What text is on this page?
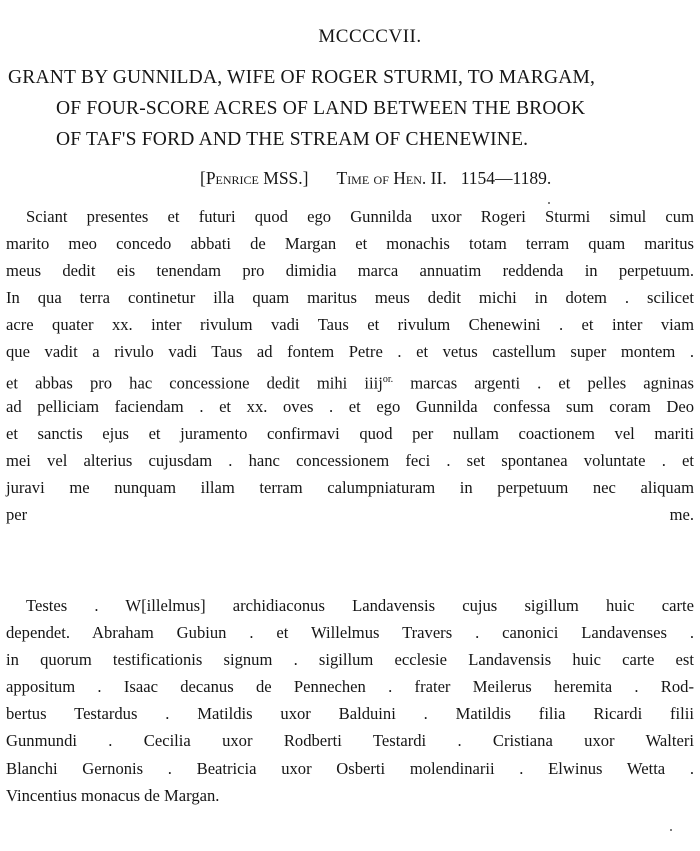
MCCCCVII.
GRANT BY GUNNILDA, WIFE OF ROGER STURMI, TO MARGAM,
OF FOUR-SCORE ACRES OF LAND BETWEEN THE BROOK
OF TAF'S FORD AND THE STREAM OF CHENEWINE.
[Penrice MSS.] Time of Hen. II. 1154—1189.
Sciant presentes et futuri quod ego Gunnilda uxor Rogeri Sturmi simul cum
marito meo concedo abbati de Margan et monachis totam terram quam maritus
meus dedit eis tenendam pro dimidia marca annuatim reddenda in perpetuum.
In qua terra continetur illa quam maritus meus dedit michi in dotem . scilicet
acre quater xx. inter rivulum vadi Taus et rivulum Chenewini . et inter viam
que vadit a rivulo vadi Taus ad fontem Petre . et vetus castellum super montem .
et abbas pro hac concessione dedit mihi iiij$^{or.}$ marcas argenti . et pelles agninas
ad pelliciam faciendam . et xx. oves . et ego Gunnilda confessa sum coram Deo
et sanctis ejus et juramento confirmavi quod per nullam coactionem vel mariti
mei vel alterius cujusdam . hanc concessionem feci . set spontanea voluntate . et
juravi me nunquam illam terram calumpniaturam in perpetuum nec aliquam
per me.
Testes . W[illelmus] archidiaconus Landavensis cujus sigillum huic carte
dependet. Abraham Gubiun . et Willelmus Travers . canonici Landavenses .
in quorum testificationis signum . sigillum ecclesie Landavensis huic carte est
appositum . Isaac decanus de Pennechen . frater Meilerus heremita . Rod-
bertus Testardus . Matildis uxor Balduini . Matildis filia Ricardi filii
Gunmundi . Cecilia uxor Rodberti Testardi . Cristiana uxor Walteri
Blanchi Gernonis . Beatricia uxor Osberti molendinarii . Elwinus Wetta .
Vincentius monacus de Margan.
